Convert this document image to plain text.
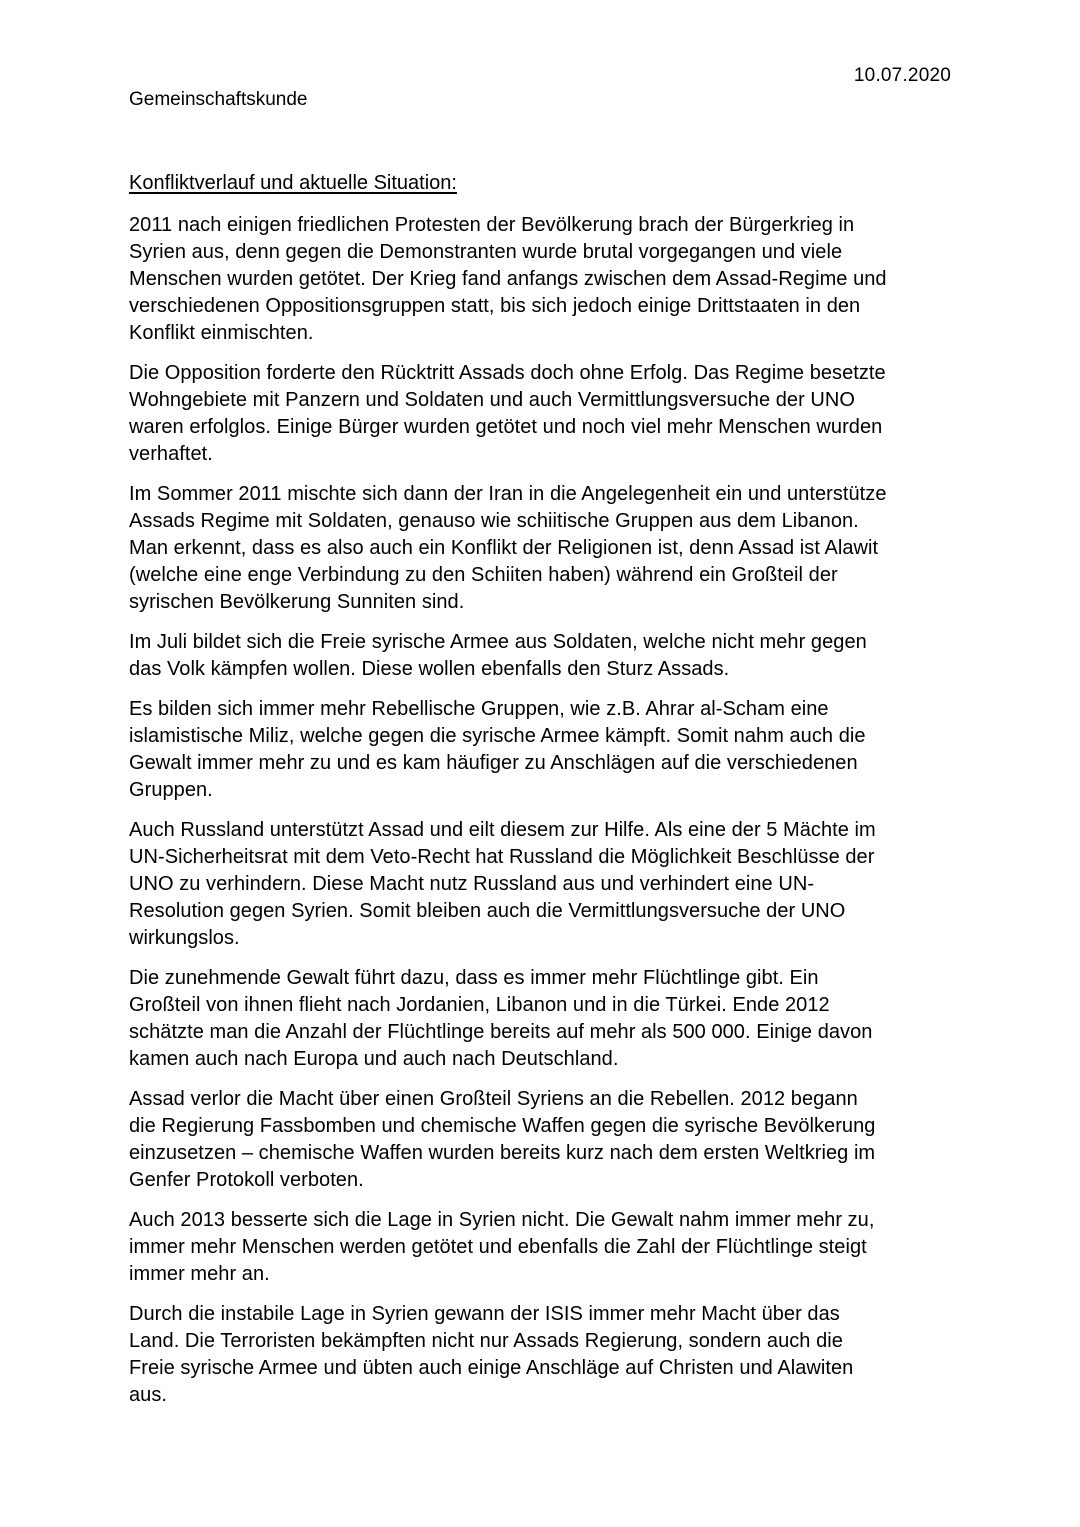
10.07.2020
Gemeinschaftskunde
Konfliktverlauf und aktuelle Situation:

2011 nach einigen friedlichen Protesten der Bevölkerung brach der Bürgerkrieg in
Syrien aus, denn gegen die Demonstranten wurde brutal vorgegangen und viele
Menschen wurden getötet. Der Krieg fand anfangs zwischen dem Assad-Regime und
verschiedenen Oppositionsgruppen statt, bis sich jedoch einige Drittstaaten in den
Konflikt einmischten.

Die Opposition forderte den Rücktritt Assads doch ohne Erfolg. Das Regime besetzte
Wohngebiete mit Panzern und Soldaten und auch Vermittlungsversuche der UNO
waren erfolglos. Einige Bürger wurden getötet und noch viel mehr Menschen wurden
verhaftet.

Im Sommer 2011 mischte sich dann der Iran in die Angelegenheit ein und unterstütze
Assads Regime mit Soldaten, genauso wie schiitische Gruppen aus dem Libanon.
Man erkennt, dass es also auch ein Konflikt der Religionen ist, denn Assad ist Alawit
(welche eine enge Verbindung zu den Schiiten haben) während ein Großteil der
syrischen Bevölkerung Sunniten sind.

Im Juli bildet sich die Freie syrische Armee aus Soldaten, welche nicht mehr gegen
das Volk kämpfen wollen. Diese wollen ebenfalls den Sturz Assads.

Es bilden sich immer mehr Rebellische Gruppen, wie z.B. Ahrar al-Scham eine
islamistische Miliz, welche gegen die syrische Armee kämpft. Somit nahm auch die
Gewalt immer mehr zu und es kam häufiger zu Anschlägen auf die verschiedenen
Gruppen.

Auch Russland unterstützt Assad und eilt diesem zur Hilfe. Als eine der 5 Mächte im
UN-Sicherheitsrat mit dem Veto-Recht hat Russland die Möglichkeit Beschlüsse der
UNO zu verhindern. Diese Macht nutz Russland aus und verhindert eine UN-
Resolution gegen Syrien. Somit bleiben auch die Vermittlungsversuche der UNO
wirkungslos.

Die zunehmende Gewalt führt dazu, dass es immer mehr Flüchtlinge gibt. Ein
Großteil von ihnen flieht nach Jordanien, Libanon und in die Türkei. Ende 2012
schätzte man die Anzahl der Flüchtlinge bereits auf mehr als 500 000. Einige davon
kamen auch nach Europa und auch nach Deutschland.

Assad verlor die Macht über einen Großteil Syriens an die Rebellen. 2012 begann
die Regierung Fassbomben und chemische Waffen gegen die syrische Bevölkerung
einzusetzen – chemische Waffen wurden bereits kurz nach dem ersten Weltkrieg im
Genfer Protokoll verboten.

Auch 2013 besserte sich die Lage in Syrien nicht. Die Gewalt nahm immer mehr zu,
immer mehr Menschen werden getötet und ebenfalls die Zahl der Flüchtlinge steigt
immer mehr an.

Durch die instabile Lage in Syrien gewann der ISIS immer mehr Macht über das
Land. Die Terroristen bekämpften nicht nur Assads Regierung, sondern auch die
Freie syrische Armee und übten auch einige Anschläge auf Christen und Alawiten
aus.
